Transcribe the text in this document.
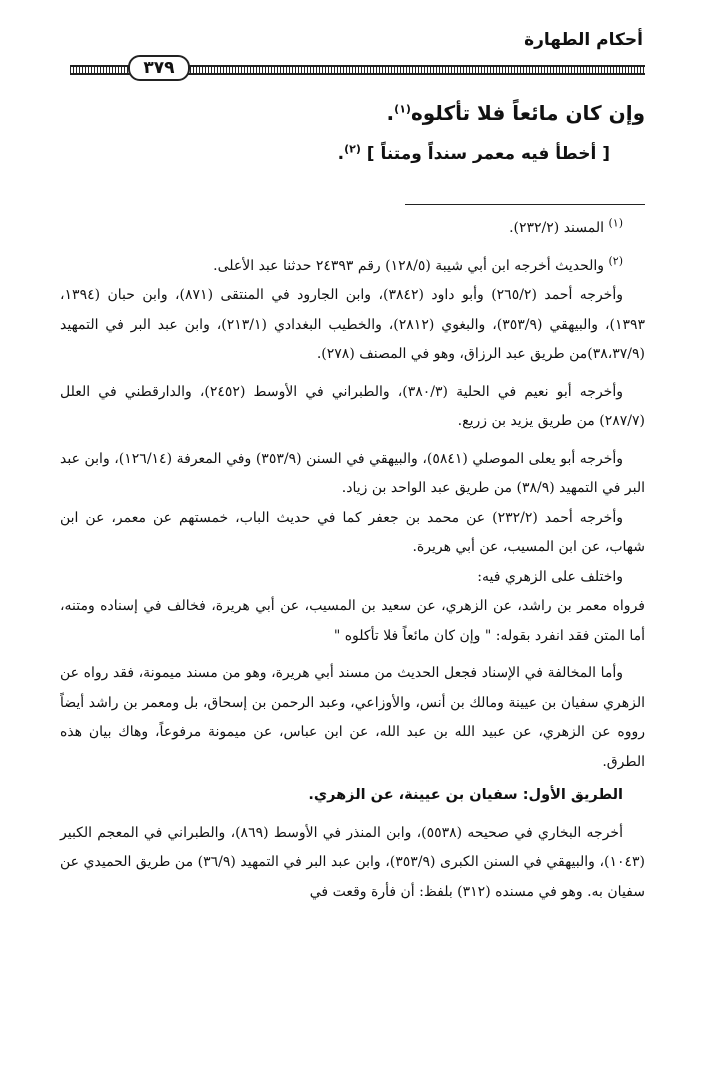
أحكام الطهارة
٣٧٩
وإن كان مائعاً فلا تأكلوه$^{(١)}$.
[ أخطأ فيه معمر سنداً ومتناً ] $^{(٢)}$.

$^{(١)}$ المسند (٢٣٢/٢).

$^{(٢)}$ والحديث أخرجه ابن أبي شيبة (١٢٨/٥) رقم ٢٤٣٩٣ حدثنا عبد الأعلى.

وأخرجه أحمد (٢٦٥/٢) وأبو داود (٣٨٤٢)، وابن الجارود في المنتقى (٨٧١)، وابن حبان (١٣٩٤، ١٣٩٣)، والبيهقي (٣٥٣/٩)، والبغوي (٢٨١٢)، والخطيب البغدادي (٢١٣/١)، وابن عبد البر في التمهيد (٣٨،٣٧/٩)من طريق عبد الرزاق، وهو في المصنف (٢٧٨).

وأخرجه أبو نعيم في الحلية (٣٨٠/٣)، والطبراني في الأوسط (٢٤٥٢)، والدارقطني في العلل (٢٨٧/٧) من طريق يزيد بن زريع.

وأخرجه أبو يعلى الموصلي (٥٨٤١)، والبيهقي في السنن (٣٥٣/٩) وفي المعرفة (١٢٦/١٤)، وابن عبد البر في التمهيد (٣٨/٩) من طريق عبد الواحد بن زياد.

وأخرجه أحمد (٢٣٢/٢) عن محمد بن جعفر كما في حديث الباب، خمستهم عن معمر، عن ابن شهاب، عن ابن المسيب، عن أبي هريرة.

واختلف على الزهري فيه:

فرواه معمر بن راشد، عن الزهري، عن سعيد بن المسيب، عن أبي هريرة، فخالف في إسناده ومتنه، أما المتن فقد انفرد بقوله: " وإن كان مائعاً فلا تأكلوه "

وأما المخالفة في الإسناد فجعل الحديث من مسند أبي هريرة، وهو من مسند ميمونة، فقد رواه عن الزهري سفيان بن عيينة ومالك بن أنس، والأوزاعي، وعبد الرحمن بن إسحاق، بل ومعمر بن راشد أيضاً رووه عن الزهري، عن عبيد الله بن عبد الله، عن ابن عباس، عن ميمونة مرفوعاً، وهاك بيان هذه الطرق.

الطريق الأول: سفيان بن عيينة، عن الزهري.

أخرجه البخاري في صحيحه (٥٥٣٨)، وابن المنذر في الأوسط (٨٦٩)، والطبراني في المعجم الكبير (١٠٤٣)، والبيهقي في السنن الكبرى (٣٥٣/٩)، وابن عبد البر في التمهيد (٣٦/٩) من طريق الحميدي عن سفيان به. وهو في مسنده (٣١٢) بلفظ: أن فأرة وقعت في
